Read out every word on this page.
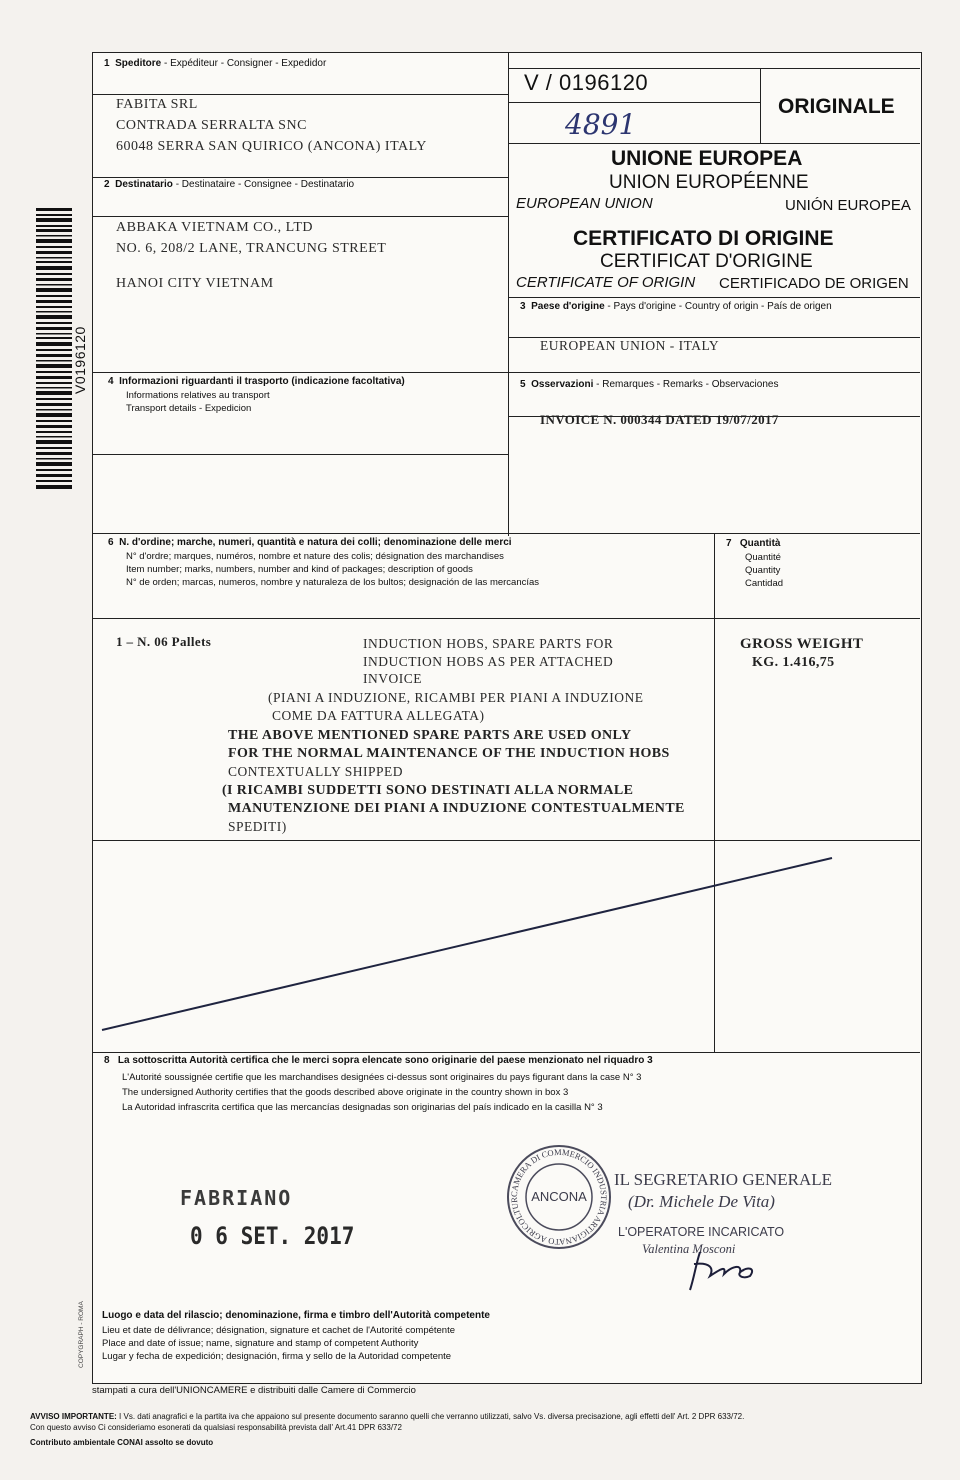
V0196120
V / 0196120
4891
ORIGINALE
1 Speditore - Expéditeur - Consigner - Expedidor
FABITA SRL
CONTRADA SERRALTA SNC
60048 SERRA SAN QUIRICO (ANCONA) ITALY
2 Destinatario - Destinataire - Consignee - Destinatario
ABBAKA VIETNAM CO., LTD
NO. 6, 208/2 LANE, TRANCUNG STREET
HANOI CITY VIETNAM
UNIONE EUROPEA
UNION EUROPÉENNE
EUROPEAN UNION	UNIÓN EUROPEA
CERTIFICATO DI ORIGINE
CERTIFICAT D'ORIGINE
CERTIFICATE OF ORIGIN CERTIFICADO DE ORIGEN
3 Paese d'origine - Pays d'origine - Country of origin - País de origen
EUROPEAN UNION - ITALY
4 Informazioni riguardanti il trasporto (indicazione facoltativa)
Informations relatives au transport
Transport details - Expedicion
5 Osservazioni - Remarques - Remarks - Observaciones
INVOICE N. 000344 DATED 19/07/2017
6 N. d'ordine; marche, numeri, quantità e natura dei colli; denominazione delle merci
N° d'ordre; marques, numéros, nombre et nature des colis; désignation des marchandises
Item number; marks, numbers, number and kind of packages; description of goods
N° de orden; marcas, numeros, nombre y naturaleza de los bultos; designación de las mercancías
7 Quantità
Quantité
Quantity
Cantidad
1 – N. 06 Pallets	INDUCTION HOBS, SPARE PARTS FOR
INDUCTION HOBS AS PER ATTACHED
INVOICE
(PIANI A INDUZIONE, RICAMBI PER PIANI A INDUZIONE
COME DA FATTURA ALLEGATA)
THE ABOVE MENTIONED SPARE PARTS ARE USED ONLY
FOR THE NORMAL MAINTENANCE OF THE INDUCTION HOBS
CONTEXTUALLY SHIPPED
(I RICAMBI SUDDETTI SONO DESTINATI ALLA NORMALE
MANUTENZIONE DEI PIANI A INDUZIONE CONTESTUALMENTE
SPEDITI)
GROSS WEIGHT
KG. 1.416,75
8 La sottoscritta Autorità certifica che le merci sopra elencate sono originarie del paese menzionato nel riquadro 3
L'Autorité soussignée certifie que les marchandises designées ci-dessus sont originaires du pays figurant dans la case N° 3
The undersigned Authority certifies that the goods described above originate in the country shown in box 3
La Autoridad infrascrita certifica que las mercancías designadas son originarias del país indicado en la casilla N° 3
FABRIANO
0 6 SET. 2017
CAMERA DI COMMERCIO INDUSTRIA ARTIGIANATO AGRICOLTUR ANCONA
IL SEGRETARIO GENERALE
(Dr. Michele De Vita)
L'OPERATORE INCARICATO
Valentina Mosconi
Luogo e data del rilascio; denominazione, firma e timbro dell'Autorità competente
Lieu et date de délivrance; désignation, signature et cachet de l'Autorité compétente
Place and date of issue; name, signature and stamp of competent Authority
Lugar y fecha de expedición; designación, firma y sello de la Autoridad competente
COPYGRAPH - ROMA
stampati a cura dell'UNIONCAMERE e distribuiti dalle Camere di Commercio
AVVISO IMPORTANTE: I Vs. dati anagrafici e la partita iva che appaiono sul presente documento saranno quelli che verranno utilizzati, salvo Vs. diversa precisazione, agli effetti dell' Art. 2 DPR 633/72.
Con questo avviso Ci consideriamo esonerati da qualsiasi responsabilità prevista dall' Art.41 DPR 633/72
Contributo ambientale CONAI assolto se dovuto
